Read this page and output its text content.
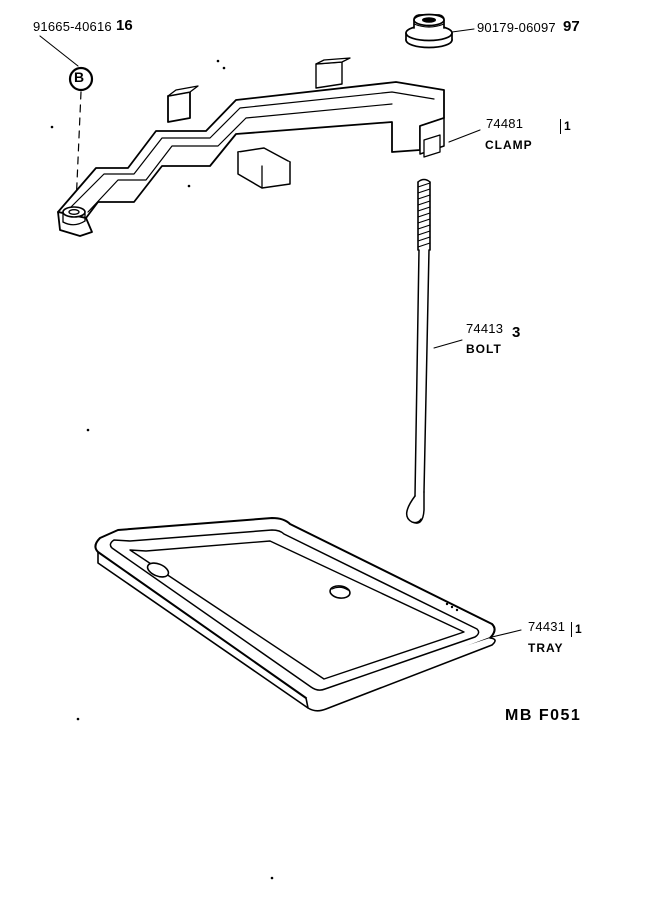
91665-40616 16
B
90179-06097 97
74481	1
CLAMP
74413 3
BOLT
74431 1
TRAY
MB F051
